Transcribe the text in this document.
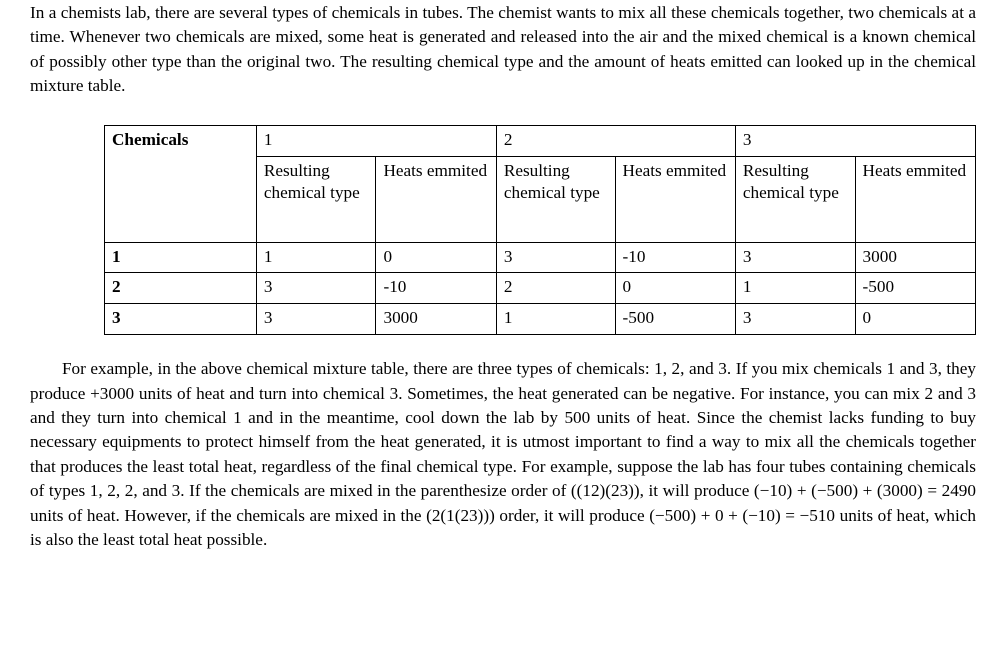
In a chemists lab, there are several types of chemicals in tubes. The chemist wants to mix all these chemicals together, two chemicals at a time. Whenever two chemicals are mixed, some heat is generated and released into the air and the mixed chemical is a known chemical of possibly other type than the original two. The resulting chemical type and the amount of heats emitted can looked up in the chemical mixture table.

Chemicals	1		2		3	
	Resulting chemical type	Heats emmited	Resulting chemical type	Heats emmited	Resulting chemical type	Heats emmited
1	1	0	3	-10	3	3000
2	3	-10	2	0	1	-500
3	3	3000	1	-500	3	0

For example, in the above chemical mixture table, there are three types of chemicals: 1, 2, and 3. If you mix chemicals 1 and 3, they produce +3000 units of heat and turn into chemical 3. Sometimes, the heat generated can be negative. For instance, you can mix 2 and 3 and they turn into chemical 1 and in the meantime, cool down the lab by 500 units of heat. Since the chemist lacks funding to buy necessary equipments to protect himself from the heat generated, it is utmost important to find a way to mix all the chemicals together that produces the least total heat, regardless of the final chemical type. For example, suppose the lab has four tubes containing chemicals of types 1, 2, 2, and 3. If the chemicals are mixed in the parenthesize order of ((12)(23)), it will produce (−10) + (−500) + (3000) = 2490 units of heat. However, if the chemicals are mixed in the (2(1(23))) order, it will produce (−500) + 0 + (−10) = −510 units of heat, which is also the least total heat possible.
